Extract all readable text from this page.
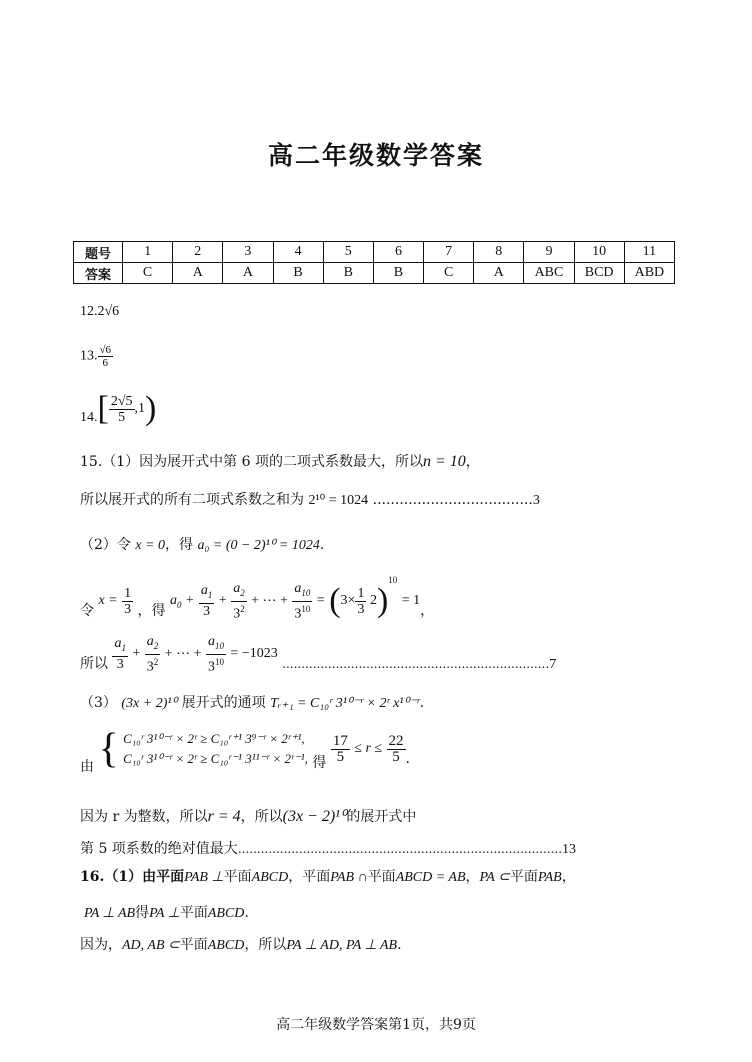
高二年级数学答案
题号	1	2	3	4	5	6	7	8	9	10	11
答案	C	A	A	B	B	B	C	A	ABC	BCD	ABD
12.2√6
13. $\frac{√6}{6}$
$14.[ \frac{2√5}{5} ,1)$
15.（1）因为展开式中第 6 项的二项式系数最大，所以n = 10，
所以展开式的所有二项式系数之和为 2¹⁰ = 1024 ....................................3
（2）令 x = 0，得 a₀ = (0 − 2)¹⁰ = 1024.
令 $x = \frac{1}{3}$ ，得 $a_0 + \frac{a_1}{3} + \frac{a_2}{3^2}$ + ⋯ + $\frac{a_{10}}{3^{10}} = (3\times \frac{1}{3} 2)^{10} = 1$，
所以 $\frac{a_1}{3} + \frac{a_2}{3^2}$ + ⋯ + $\frac{a_{10}}{3^{10}} = -1023$ ......................................................................7
（3） (3x + 2)¹⁰ 展开式的通项 Tᵣ₊₁ = C₁₀ʳ 3¹⁰⁻ʳ × 2ʳ x¹⁰⁻ʳ.
由 { C₁₀ʳ 3¹⁰⁻ʳ × 2ʳ ≥ C₁₀ʳ⁺¹ 3⁹⁻ʳ × 2ʳ⁺¹,
C₁₀ʳ 3¹⁰⁻ʳ × 2ʳ ≥ C₁₀ʳ⁻¹ 3¹¹⁻ʳ × 2ʳ⁻¹, 得 $\frac{17}{5} \le r \le \frac{22}{5}$ .
因为 r 为整数，所以r = 4，所以(3x − 2)¹⁰的展开式中
第 5 项系数的绝对值最大.....................................................................................13
16.（1）由平面PAB ⊥平面ABCD，平面PAB ∩平面ABCD = AB，PA ⊂平面PAB，
PA ⊥ AB得PA ⊥平面ABCD.
因为，AD, AB ⊂平面ABCD，所以PA ⊥ AD, PA ⊥ AB.
高二年级数学答案第1页，共9页
